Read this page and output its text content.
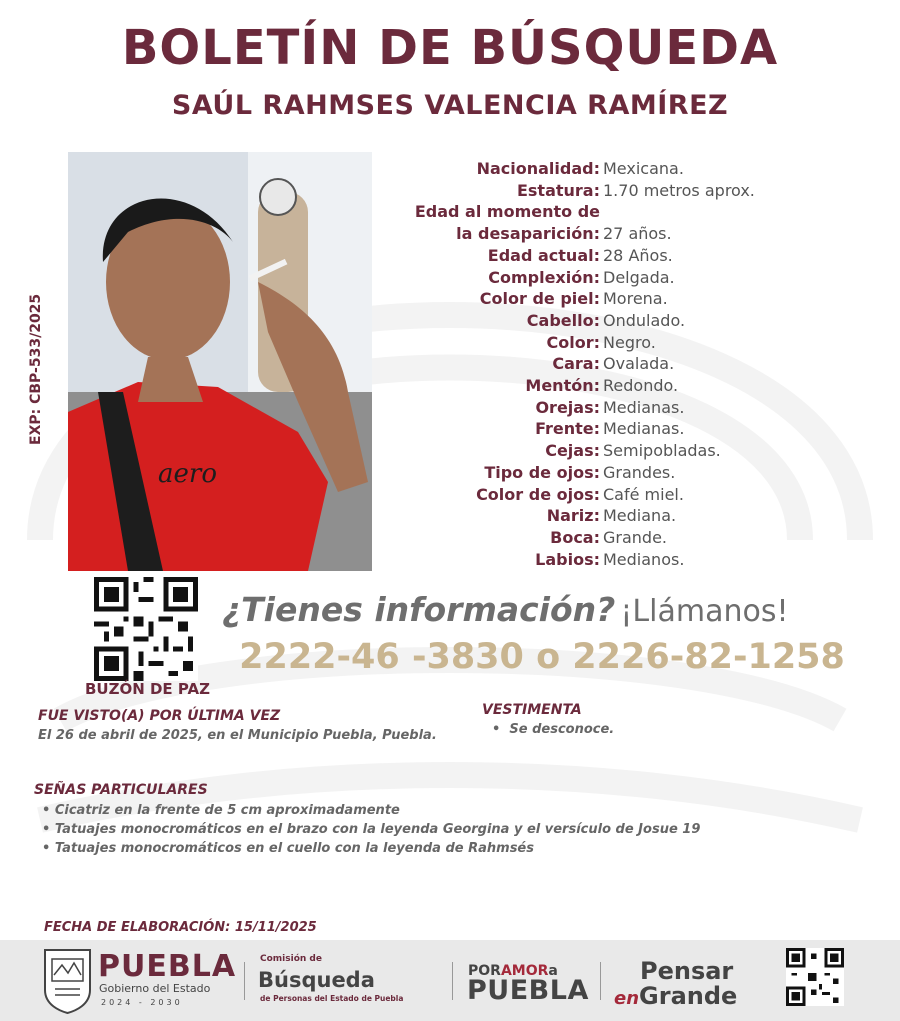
BOLETÍN DE BÚSQUEDA
SAÚL RAHMSES VALENCIA RAMÍREZ
EXP: CBP-533/2025
aero
Nacionalidad: Mexicana.
Estatura: 1.70 metros aprox.
Edad al momento de
la desaparición: 27 años.
Edad actual: 28 Años.
Complexión: Delgada.
Color de piel: Morena.
Cabello: Ondulado.
Color: Negro.
Cara: Ovalada.
Mentón: Redondo.
Orejas: Medianas.
Frente: Medianas.
Cejas: Semipobladas.
Tipo de ojos: Grandes.
Color de ojos: Café miel.
Nariz: Mediana.
Boca: Grande.
Labios: Medianos.
BUZÓN DE PAZ
¿Tienes información? ¡Llámanos!
2222-46 -3830 o 2226-82-1258
FUE VISTO(A) POR ÚLTIMA VEZ
El 26 de abril de 2025, en el Municipio Puebla, Puebla.
VESTIMENTA
•  Se desconoce.
SEÑAS PARTICULARES
• Cicatriz en la frente de 5 cm aproximadamente
• Tatuajes monocromáticos en el brazo con la leyenda Georgina y el versículo de Josue 19
• Tatuajes monocromáticos en el cuello con la leyenda de Rahmsés
FECHA DE ELABORACIÓN: 15/11/2025
PUEBLA
Gobierno del Estado
2024 - 2030
Comisión de
Búsqueda
de Personas del Estado de Puebla
PORAMORa
PUEBLA
Pensar
enGrande
